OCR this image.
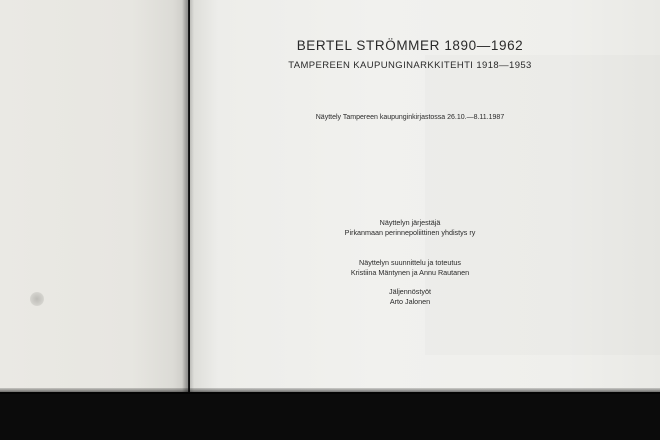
BERTEL STRÖMMER 1890—1962
TAMPEREEN KAUPUNGINARKKITEHTI 1918—1953
Näyttely Tampereen kaupunginkirjastossa 26.10.—8.11.1987
Näyttelyn järjestäjä
Pirkanmaan perinnepoliittinen yhdistys ry
Näyttelyn suunnittelu ja toteutus
Kristiina Mäntynen ja Annu Rautanen
Jäljennöstyöt
Arto Jalonen
